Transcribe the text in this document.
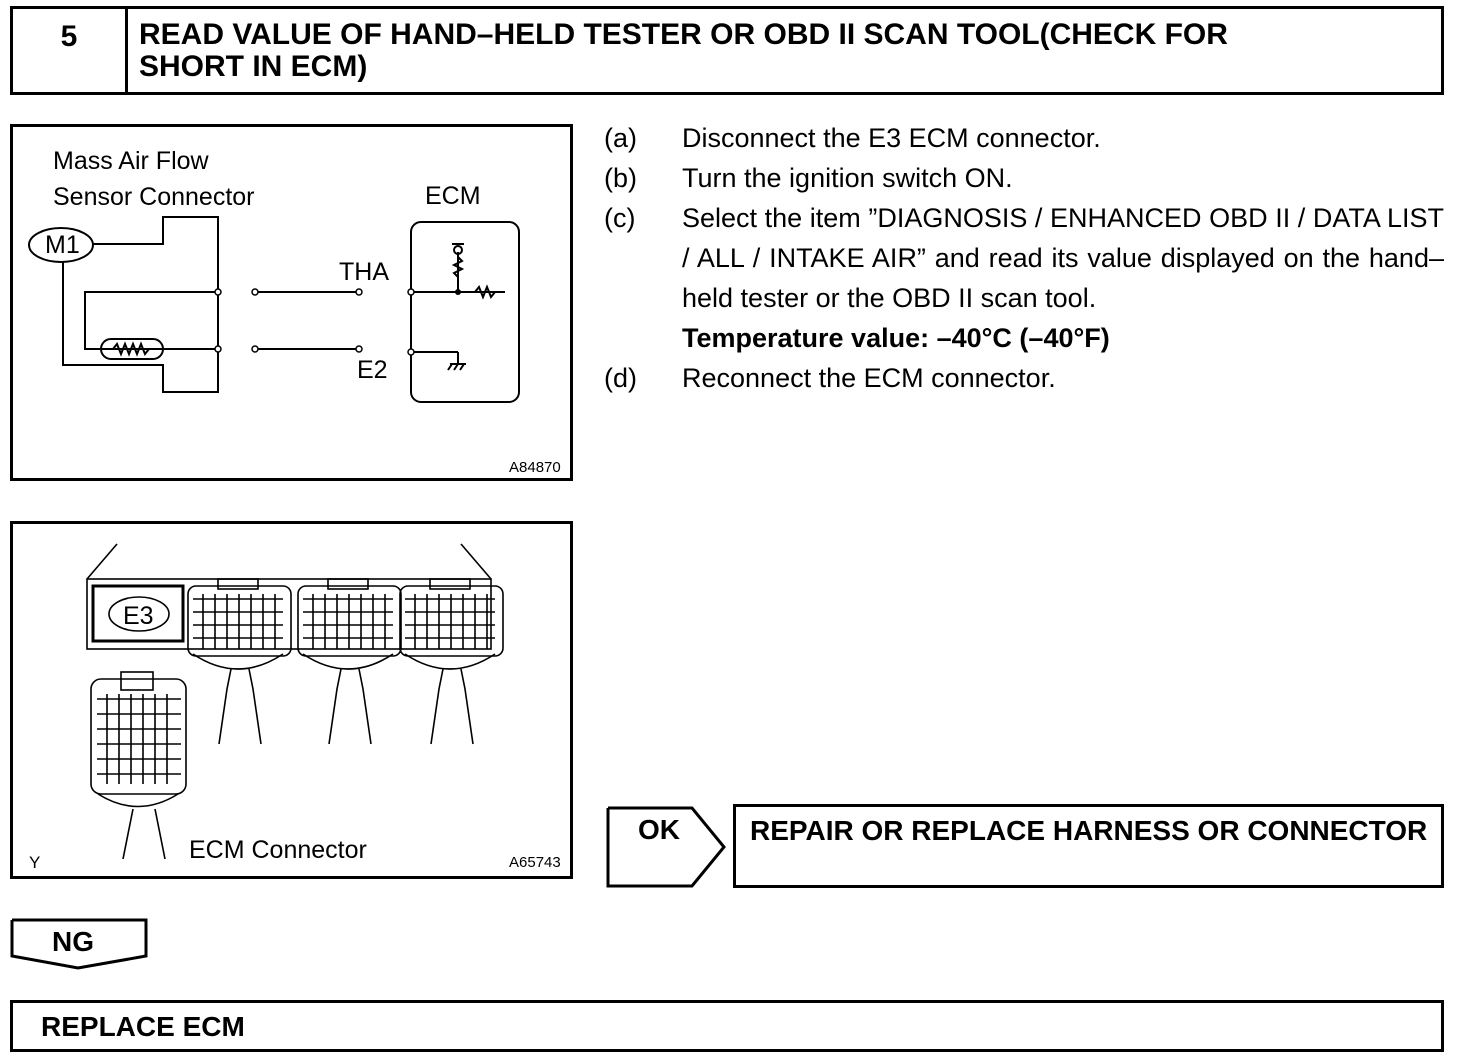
5	READ VALUE OF HAND–HELD TESTER OR OBD II SCAN TOOL(CHECK FOR
SHORT IN ECM)
Mass Air Flow
Sensor Connector
M1
ECM
THA
E2
A84870
E3
ECM Connector
Y	A65743
(a)	Disconnect the E3 ECM connector.
(b)	Turn the ignition switch ON.
(c)	Select the item ”DIAGNOSIS / ENHANCED OBD II / DATA LIST / ALL / INTAKE AIR” and read its value displayed on the hand–held tester or the OBD II scan tool.
Temperature value: –40°C (–40°F)
(d)	Reconnect the ECM connector.
OK	REPAIR OR REPLACE HARNESS OR CONNECTOR
NG
REPLACE ECM
